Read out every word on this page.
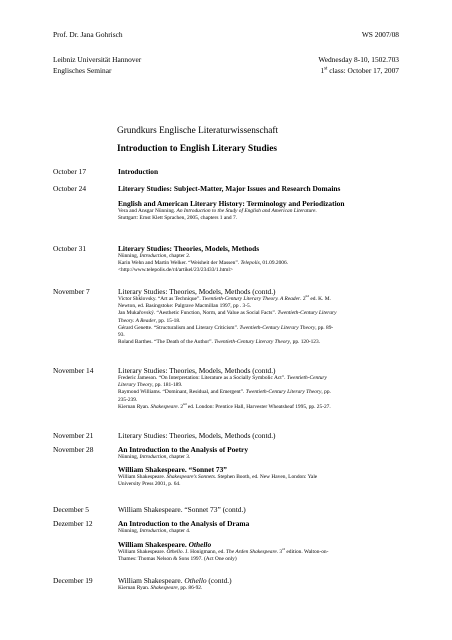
Prof. Dr. Jana Gohrisch	WS 2007/08
Leibniz Universität Hannover	Wednesday 8-10, 1502.703
Englisches Seminar	1st class: October 17, 2007
Grundkurs Englische Literaturwissenschaft
Introduction to English Literary Studies
October 17	Introduction
October 24	Literary Studies: Subject-Matter, Major Issues and Research Domains
English and American Literary History: Terminology and Periodization
Vera and Ansgar Nünning. An Introduction to the Study of English and American Literature.
Stuttgart: Ernst Klett Sprachen, 2005, chapters 1 and 7.
October 31	Literary Studies: Theories, Models, Methods
Nünning, Introduction, chapter 2.
Karin Wehn and Martin Welker. “Weisheit der Massen”. Telepolis, 01.09.2006.
<http://www.telepolis.de/r4/artikel/23/23433/1.html>
November 7	Literary Studies: Theories, Models, Methods (contd.)
Victor Shklovsky. “Art as Technique”. Twentieth-Century Literary Theory. A Reader. 2nd ed. K. M.
Newton, ed. Basingstoke: Palgrave Macmillan 1997, pp . 3-5.
Jan Mukařovský. “Aesthetic Function, Norm, and Value as Social Facts”. Twentieth-Century Literary
Theory. A Reader, pp. 15-18.
Gérard Genette. “Structuralism and Literary Criticism”. Twentieth-Century Literary Theory, pp. 89-
93.
Roland Barthes. “The Death of the Author”. Twentieth-Century Literary Theory, pp. 120-123.
November 14	Literary Studies: Theories, Models, Methods (contd.)
Frederic Jameson. “On Interpretation: Literature as a Socially Symbolic Act”. Twentieth-Century
Literary Theory, pp. 181-189.
Raymond Williams. “Dominant, Residual, and Emergent”. Twentieth-Century Literary Theory, pp.
235-239.
Kiernan Ryan. Shakespeare. 2nd ed. London: Prentice Hall, Harvester Wheatsheaf 1995, pp. 25-27.
November 21	Literary Studies: Theories, Models, Methods (contd.)
November 28	An Introduction to the Analysis of Poetry
Nünning, Introduction, chapter 3.
William Shakespeare. “Sonnet 73”
William Shakespeare. Shakespeare’s Sonnets. Stephen Booth, ed. New Haven, London: Yale
University Press 2001, p. 64.
December 5	William Shakespeare. “Sonnet 73” (contd.)
Dezember 12	An Introduction to the Analysis of Drama
Nünning, Introduction, chapter 4.
William Shakespeare. Othello
William Shakespeare. Othello. J. Honigmann, ed. The Arden Shakespeare. 3rd edition. Walton-on-
Thames: Thomas Nelson & Sons 1997. (Act One only)
December 19	William Shakespeare. Othello (contd.)
Kiernan Ryan. Shakespeare, pp. 86-92.
